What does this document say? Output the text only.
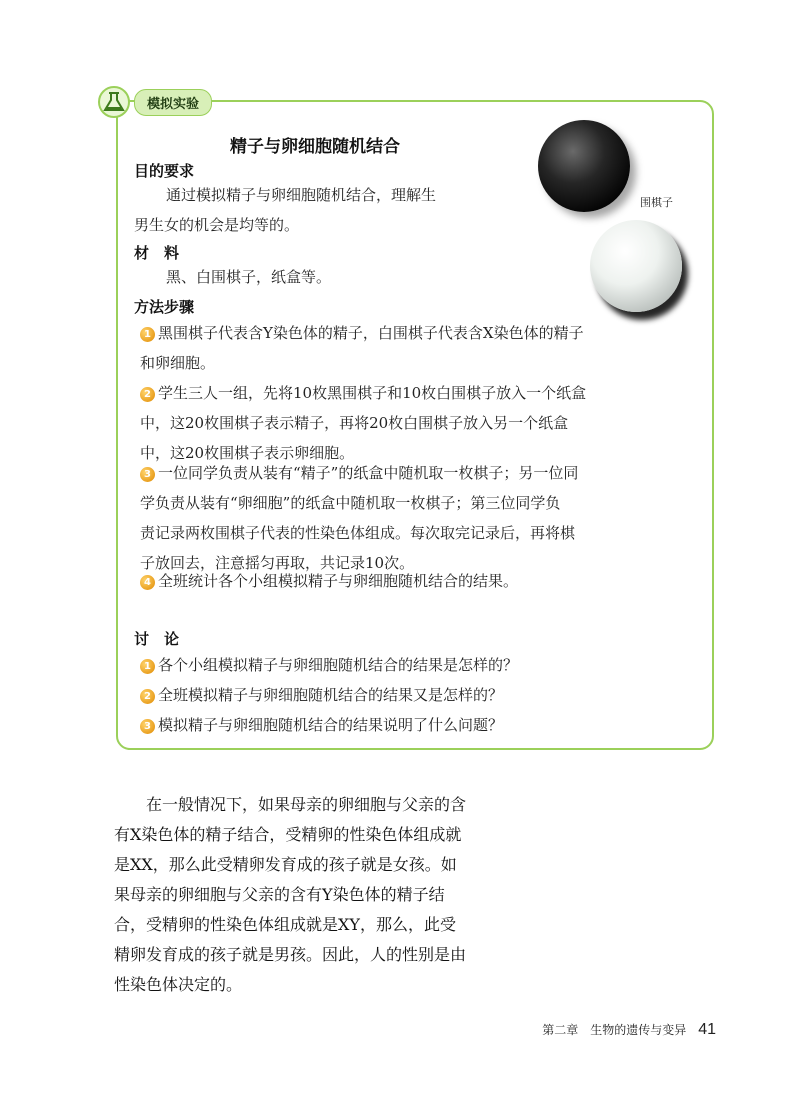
模拟实验
精子与卵细胞随机结合
目的要求
通过模拟精子与卵细胞随机结合，理解生
男生女的机会是均等的。
材　料
黑、白围棋子，纸盒等。
围棋子
方法步骤
1 黑围棋子代表含Y染色体的精子，白围棋子代表含X染色体的精子
和卵细胞。
2 学生三人一组，先将10枚黑围棋子和10枚白围棋子放入一个纸盒
中，这20枚围棋子表示精子，再将20枚白围棋子放入另一个纸盒
中，这20枚围棋子表示卵细胞。
3 一位同学负责从装有“精子”的纸盒中随机取一枚棋子；另一位同
学负责从装有“卵细胞”的纸盒中随机取一枚棋子；第三位同学负
责记录两枚围棋子代表的性染色体组成。每次取完记录后，再将棋
子放回去，注意摇匀再取，共记录10次。
4 全班统计各个小组模拟精子与卵细胞随机结合的结果。
讨　论
1 各个小组模拟精子与卵细胞随机结合的结果是怎样的？
2 全班模拟精子与卵细胞随机结合的结果又是怎样的？
3 模拟精子与卵细胞随机结合的结果说明了什么问题？

在一般情况下，如果母亲的卵细胞与父亲的含

有X染色体的精子结合，受精卵的性染色体组成就
是XX，那么此受精卵发育成的孩子就是女孩。如
果母亲的卵细胞与父亲的含有Y染色体的精子结
合，受精卵的性染色体组成就是XY，那么，此受
精卵发育成的孩子就是男孩。因此，人的性别是由
性染色体决定的。
第二章　生物的遗传与变异 41
